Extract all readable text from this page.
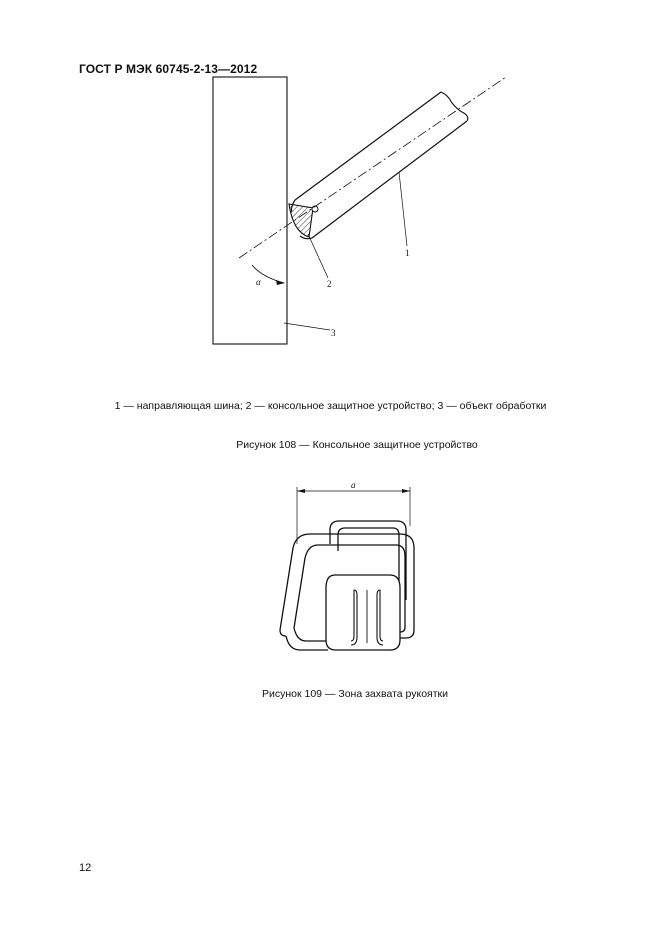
ГОСТ Р МЭК 60745-2-13—2012
α
1
2
3
1 — направляющая шина; 2 — консольное защитное устройство; 3 — объект обработки
Рисунок 108 — Консольное защитное устройство
a
Рисунок 109 — Зона захвата рукоятки
12
